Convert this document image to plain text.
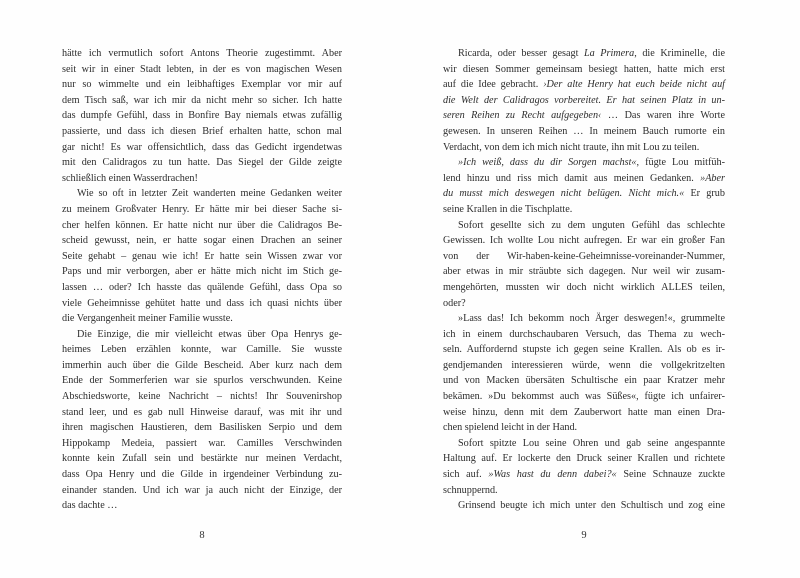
hätte ich vermutlich sofort Antons Theorie zugestimmt. Aber
seit wir in einer Stadt lebten, in der es von magischen Wesen
nur so wimmelte und ein leibhaftiges Exemplar vor mir auf
dem Tisch saß, war ich mir da nicht mehr so sicher. Ich hatte
das dumpfe Gefühl, dass in Bonfire Bay niemals etwas zufällig
passierte, und dass ich diesen Brief erhalten hatte, schon mal
gar nicht! Es war offensichtlich, dass das Gedicht irgendetwas
mit den Calidragos zu tun hatte. Das Siegel der Gilde zeigte
schließlich einen Wasserdrachen!
Wie so oft in letzter Zeit wanderten meine Gedanken weiter
zu meinem Großvater Henry. Er hätte mir bei dieser Sache si-
cher helfen können. Er hatte nicht nur über die Calidragos Be-
scheid gewusst, nein, er hatte sogar einen Drachen an seiner
Seite gehabt – genau wie ich! Er hatte sein Wissen zwar vor
Paps und mir verborgen, aber er hätte mich nicht im Stich ge-
lassen … oder? Ich hasste das quälende Gefühl, dass Opa so
viele Geheimnisse gehütet hatte und dass ich quasi nichts über
die Vergangenheit meiner Familie wusste.
Die Einzige, die mir vielleicht etwas über Opa Henrys ge-
heimes Leben erzählen konnte, war Camille. Sie wusste
immerhin auch über die Gilde Bescheid. Aber kurz nach dem
Ende der Sommerferien war sie spurlos verschwunden. Keine
Abschiedsworte, keine Nachricht – nichts! Ihr Souvenirshop
stand leer, und es gab null Hinweise darauf, was mit ihr und
ihren magischen Haustieren, dem Basilisken Serpio und dem
Hippokamp Medeia, passiert war. Camilles Verschwinden
konnte kein Zufall sein und bestärkte nur meinen Verdacht,
dass Opa Henry und die Gilde in irgendeiner Verbindung zu-
einander standen. Und ich war ja auch nicht der Einzige, der
das dachte …
Ricarda, oder besser gesagt La Primera, die Kriminelle, die
wir diesen Sommer gemeinsam besiegt hatten, hatte mich erst
auf die Idee gebracht. ›Der alte Henry hat euch beide nicht auf
die Welt der Calidragos vorbereitet. Er hat seinen Platz in un-
seren Reihen zu Recht aufgegeben‹ … Das waren ihre Worte
gewesen. In unseren Reihen … In meinem Bauch rumorte ein
Verdacht, von dem ich mich nicht traute, ihn mit Lou zu teilen.
»Ich weiß, dass du dir Sorgen machst«, fügte Lou mitfüh-
lend hinzu und riss mich damit aus meinen Gedanken. »Aber
du musst mich deswegen nicht belügen. Nicht mich.« Er grub
seine Krallen in die Tischplatte.
Sofort gesellte sich zu dem unguten Gefühl das schlechte
Gewissen. Ich wollte Lou nicht aufregen. Er war ein großer Fan
von der Wir-haben-keine-Geheimnisse-voreinander-Nummer,
aber etwas in mir sträubte sich dagegen. Nur weil wir zusam-
mengehörten, mussten wir doch nicht wirklich ALLES teilen,
oder?
»Lass das! Ich bekomm noch Ärger deswegen!«, grummelte
ich in einem durchschaubaren Versuch, das Thema zu wech-
seln. Auffordernd stupste ich gegen seine Krallen. Als ob es ir-
gendjemanden interessieren würde, wenn die vollgekritzelten
und von Macken übersäten Schultische ein paar Kratzer mehr
bekämen. »Du bekommst auch was Süßes«, fügte ich unfairer-
weise hinzu, denn mit dem Zauberwort hatte man einen Dra-
chen spielend leicht in der Hand.
Sofort spitzte Lou seine Ohren und gab seine angespannte
Haltung auf. Er lockerte den Druck seiner Krallen und richtete
sich auf. »Was hast du denn dabei?« Seine Schnauze zuckte
schnuppernd.
Grinsend beugte ich mich unter den Schultisch und zog eine
8	9
